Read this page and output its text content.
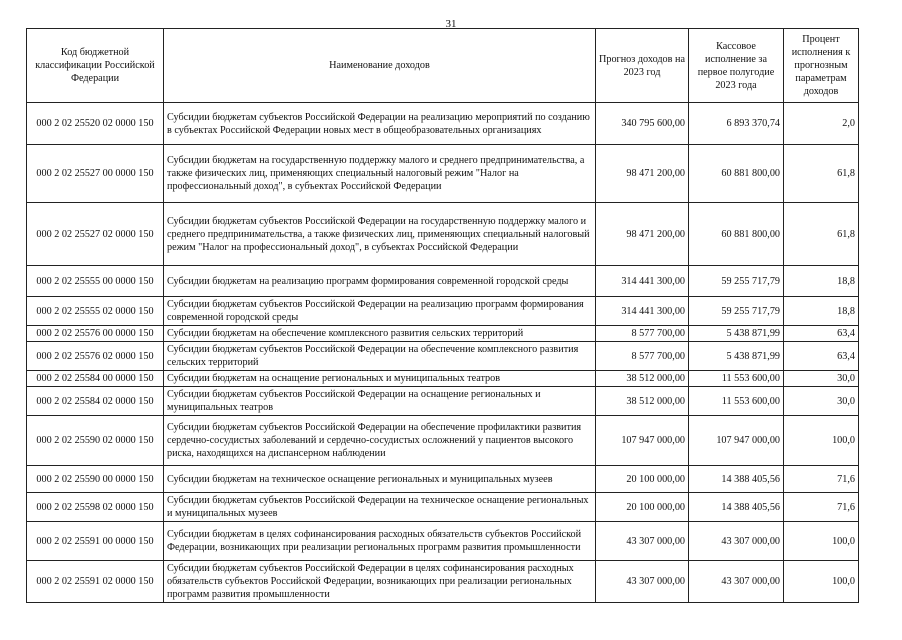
31
Код бюджетной классификации Российской Федерации	Наименование доходов	Прогноз доходов на 2023 год	Кассовое исполнение за первое полугодие 2023 года	Процент исполнения к прогнозным параметрам доходов
000 2 02 25520 02 0000 150	Субсидии бюджетам субъектов Российской Федерации на реализацию мероприятий по созданию в субъектах Российской Федерации новых мест в общеобразовательных организациях	340 795 600,00	6 893 370,74	2,0
000 2 02 25527 00 0000 150	Субсидии бюджетам на государственную поддержку малого и среднего предпринимательства, а также физических лиц, применяющих специальный налоговый режим "Налог на профессиональный доход", в субъектах Российской Федерации	98 471 200,00	60 881 800,00	61,8
000 2 02 25527 02 0000 150	Субсидии бюджетам субъектов Российской Федерации на государственную поддержку малого и среднего предпринимательства, а также физических лиц, применяющих специальный налоговый режим "Налог на профессиональный доход", в субъектах Российской Федерации	98 471 200,00	60 881 800,00	61,8
000 2 02 25555 00 0000 150	Субсидии бюджетам на реализацию программ формирования современной городской среды	314 441 300,00	59 255 717,79	18,8
000 2 02 25555 02 0000 150	Субсидии бюджетам субъектов Российской Федерации на реализацию программ формирования современной городской среды	314 441 300,00	59 255 717,79	18,8
000 2 02 25576 00 0000 150	Субсидии бюджетам на обеспечение комплексного развития сельских территорий	8 577 700,00	5 438 871,99	63,4
000 2 02 25576 02 0000 150	Субсидии бюджетам субъектов Российской Федерации на обеспечение комплексного развития сельских территорий	8 577 700,00	5 438 871,99	63,4
000 2 02 25584 00 0000 150	Субсидии бюджетам на оснащение региональных и муниципальных театров	38 512 000,00	11 553 600,00	30,0
000 2 02 25584 02 0000 150	Субсидии бюджетам субъектов Российской Федерации на оснащение региональных и муниципальных театров	38 512 000,00	11 553 600,00	30,0
000 2 02 25590 02 0000 150	Субсидии бюджетам субъектов Российской Федерации на обеспечение профилактики развития сердечно-сосудистых заболеваний и сердечно-сосудистых осложнений у пациентов высокого риска, находящихся на диспансерном наблюдении	107 947 000,00	107 947 000,00	100,0
000 2 02 25590 00 0000 150	Субсидии бюджетам на техническое оснащение региональных и муниципальных музеев	20 100 000,00	14 388 405,56	71,6
000 2 02 25598 02 0000 150	Субсидии бюджетам субъектов Российской Федерации на техническое оснащение региональных и муниципальных музеев	20 100 000,00	14 388 405,56	71,6
000 2 02 25591 00 0000 150	Субсидии бюджетам в целях софинансирования расходных обязательств субъектов Российской Федерации, возникающих при реализации региональных программ развития промышленности	43 307 000,00	43 307 000,00	100,0
000 2 02 25591 02 0000 150	Субсидии бюджетам субъектов Российской Федерации в целях софинансирования расходных обязательств субъектов Российской Федерации, возникающих при реализации региональных программ развития промышленности	43 307 000,00	43 307 000,00	100,0
